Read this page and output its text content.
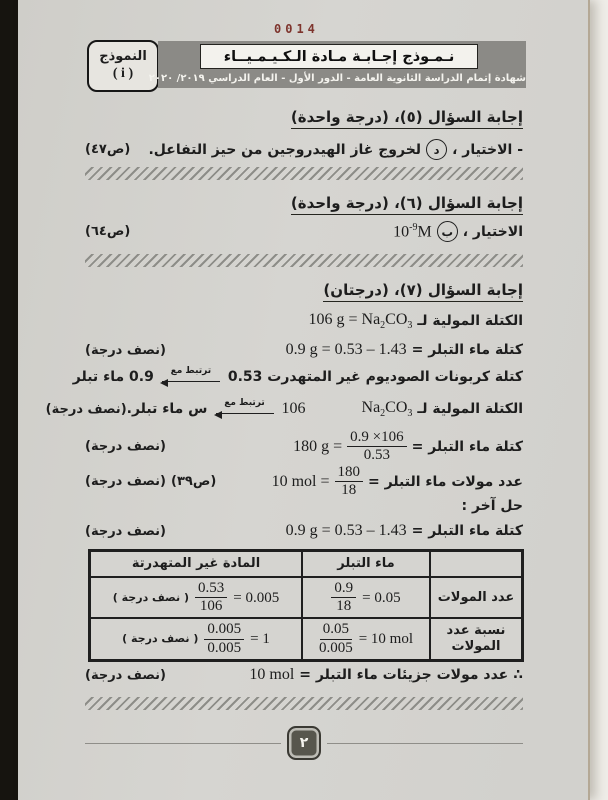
0014
النموذج
( i )
نـمـوذج إجـابـة مـادة الـكـيـمـيــاء
شهادة إتمام الدراسة الثانوية العامة - الدور الأول - العام الدراسي ٢٠١٩/ ٢٠٢٠
إجابة السؤال (٥)، (درجة واحدة)
- الاختيار ،
د
لخروج غاز الهيدروجين من حيز التفاعل.
(ص٤٧)
إجابة السؤال (٦)، (درجة واحدة)
الاختيار ،
ب
$10^{-9}M$
(ص٦٤)
إجابة السؤال (٧)، (درجتان)
الكتلة المولية لـ
106 $g = Na_2CO_3$
كتلة ماء التبلر =
0.9 g = 0.53 – 1.43
(نصف درجة)
كتلة كربونات الصوديوم غير المتهدرت 0.53
ترتبط مع
0.9 ماء تبلر
الكتلة المولية لـ
$Na_2CO_3$
106
ترتبط مع
س ماء تبلر.
(نصف درجة)
كتلة ماء التبلر =
$\frac{0.9 \times 106}{0.53}$
180 g =
(نصف درجة)
عدد مولات ماء التبلر =
$\frac{180}{18}$
10 mol =
(ص٣٩)
(نصف درجة)
حل آخر :
كتلة ماء التبلر =
0.9 g = 0.53 – 1.43
(نصف درجة)
ماء التبلر
المادة غير المتهدرتة
عدد المولات
$\frac{0.9}{18} = 0.05$
( نصف درجة ) $\frac{0.53}{106} = 0.005$
نسبة عدد المولات
$\frac{0.05}{0.005} = 10$ mol
( نصف درجة ) $\frac{0.005}{0.005} = 1$
∴
عدد مولات جزيئات ماء التبلر =
10 mol
(نصف درجة)
٢
